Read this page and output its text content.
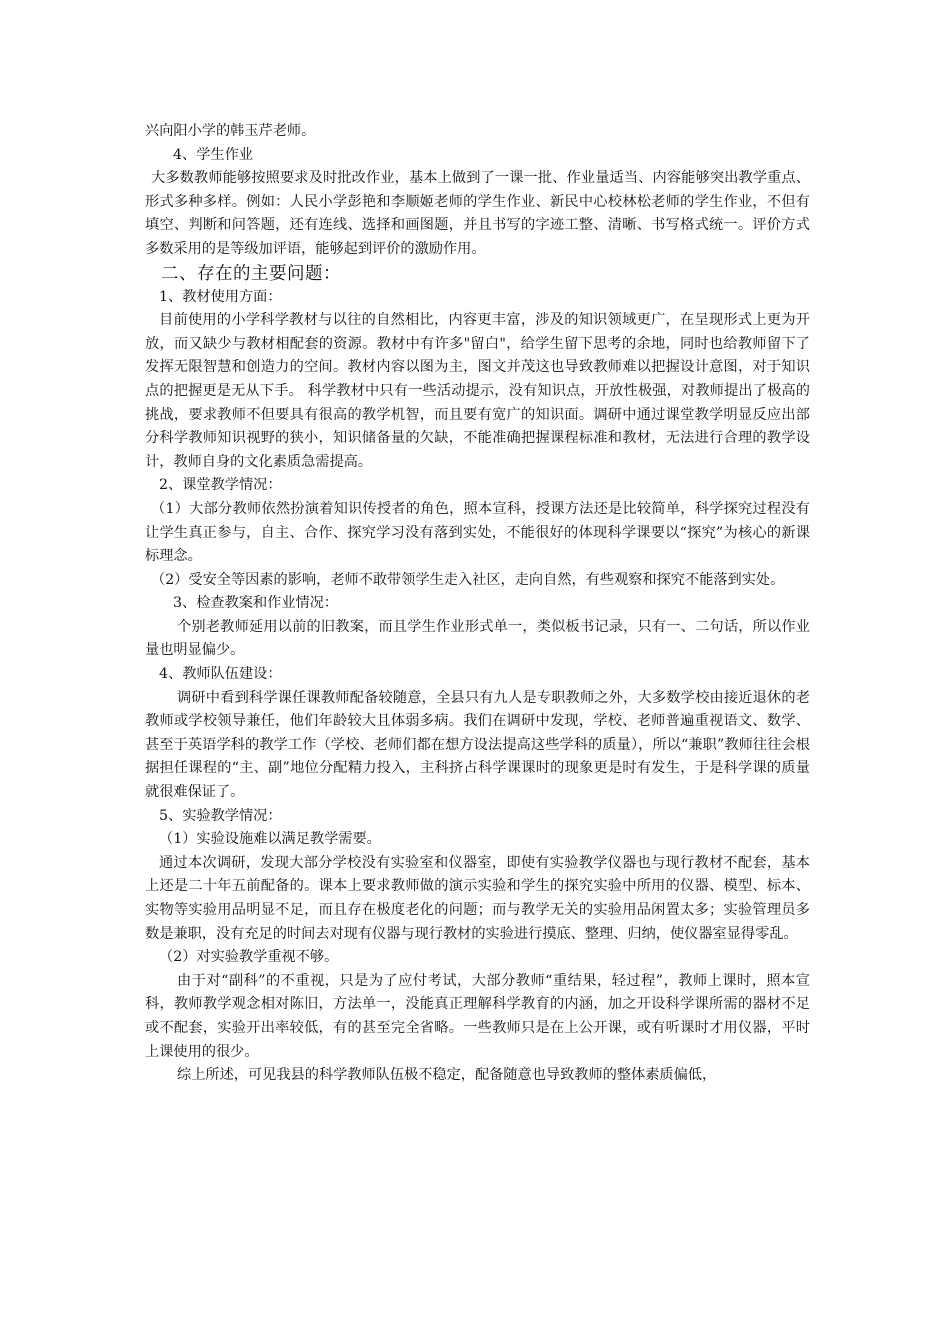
兴向阳小学的韩玉芹老师。

4、学生作业

大多数教师能够按照要求及时批改作业，基本上做到了一课一批、作业量适当、内容能够突出教学重点、形式多种多样。例如：人民小学彭艳和李顺姬老师的学生作业、新民中心校林松老师的学生作业，不但有填空、判断和问答题，还有连线、选择和画图题，并且书写的字迹工整、清晰、书写格式统一。评价方式多数采用的是等级加评语，能够起到评价的激励作用。

二、存在的主要问题：

1、教材使用方面：

目前使用的小学科学教材与以往的自然相比，内容更丰富，涉及的知识领域更广，在呈现形式上更为开放，而又缺少与教材相配套的资源。教材中有许多"留白"，给学生留下思考的余地，同时也给教师留下了发挥无限智慧和创造力的空间。教材内容以图为主，图文并茂这也导致教师难以把握设计意图，对于知识点的把握更是无从下手。 科学教材中只有一些活动提示，没有知识点，开放性极强，对教师提出了极高的挑战，要求教师不但要具有很高的教学机智，而且要有宽广的知识面。调研中通过课堂教学明显反应出部分科学教师知识视野的狭小，知识储备量的欠缺，不能准确把握课程标准和教材，无法进行合理的教学设计，教师自身的文化素质急需提高。

2、课堂教学情况：

（1）大部分教师依然扮演着知识传授者的角色，照本宣科，授课方法还是比较简单，科学探究过程没有让学生真正参与，自主、合作、探究学习没有落到实处，不能很好的体现科学课要以“探究”为核心的新课标理念。

（2）受安全等因素的影响，老师不敢带领学生走入社区，走向自然，有些观察和探究不能落到实处。

3、检查教案和作业情况：

个别老教师延用以前的旧教案，而且学生作业形式单一，类似板书记录，只有一、二句话，所以作业量也明显偏少。

4、教师队伍建设：

调研中看到科学课任课教师配备较随意，全县只有九人是专职教师之外，大多数学校由接近退休的老教师或学校领导兼任，他们年龄较大且体弱多病。我们在调研中发现，学校、老师普遍重视语文、数学、甚至于英语学科的教学工作（学校、老师们都在想方设法提高这些学科的质量），所以“兼职”教师往往会根据担任课程的“主、副”地位分配精力投入，主科挤占科学课课时的现象更是时有发生，于是科学课的质量就很难保证了。

5、实验教学情况：

（1）实验设施难以满足教学需要。

通过本次调研，发现大部分学校没有实验室和仪器室，即使有实验教学仪器也与现行教材不配套，基本上还是二十年五前配备的。课本上要求教师做的演示实验和学生的探究实验中所用的仪器、模型、标本、实物等实验用品明显不足，而且存在极度老化的问题；而与教学无关的实验用品闲置太多；实验管理员多数是兼职，没有充足的时间去对现有仪器与现行教材的实验进行摸底、整理、归纳，使仪器室显得零乱。

（2）对实验教学重视不够。

由于对“副科”的不重视，只是为了应付考试，大部分教师“重结果，轻过程”，教师上课时，照本宣科，教师教学观念相对陈旧，方法单一，没能真正理解科学教育的内涵，加之开设科学课所需的器材不足或不配套，实验开出率较低，有的甚至完全省略。一些教师只是在上公开课，或有听课时才用仪器，平时上课使用的很少。

综上所述，可见我县的科学教师队伍极不稳定，配备随意也导致教师的整体素质偏低，
